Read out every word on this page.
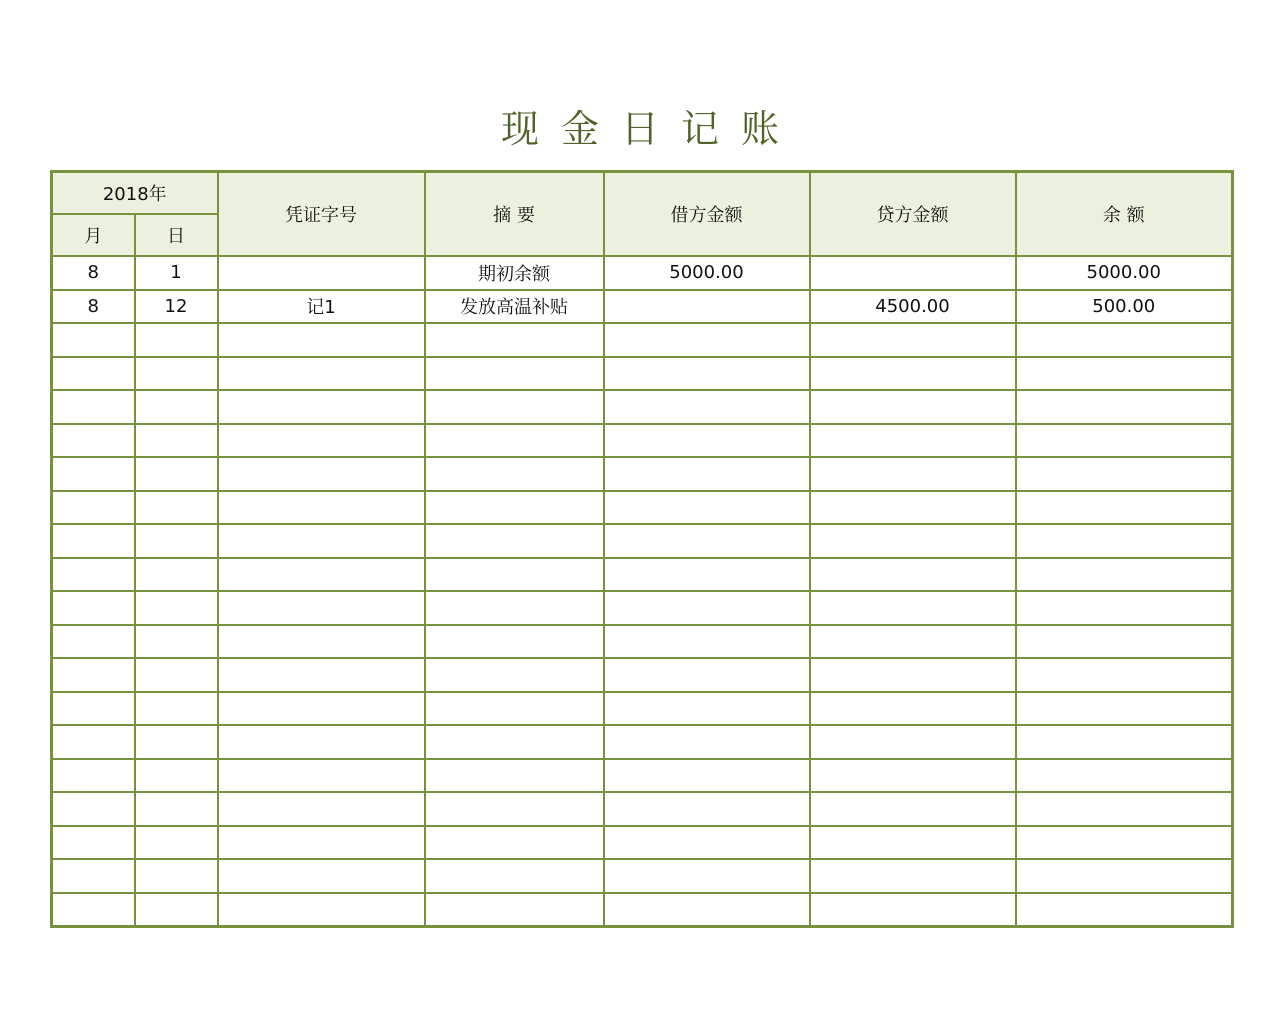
现金日记账
2018年		凭证字号	摘 要	借方金额	贷方金额	余 额
月	日					
8	1		期初余额	5000.00		5000.00
8	12	记1	发放高温补贴		4500.00	500.00
